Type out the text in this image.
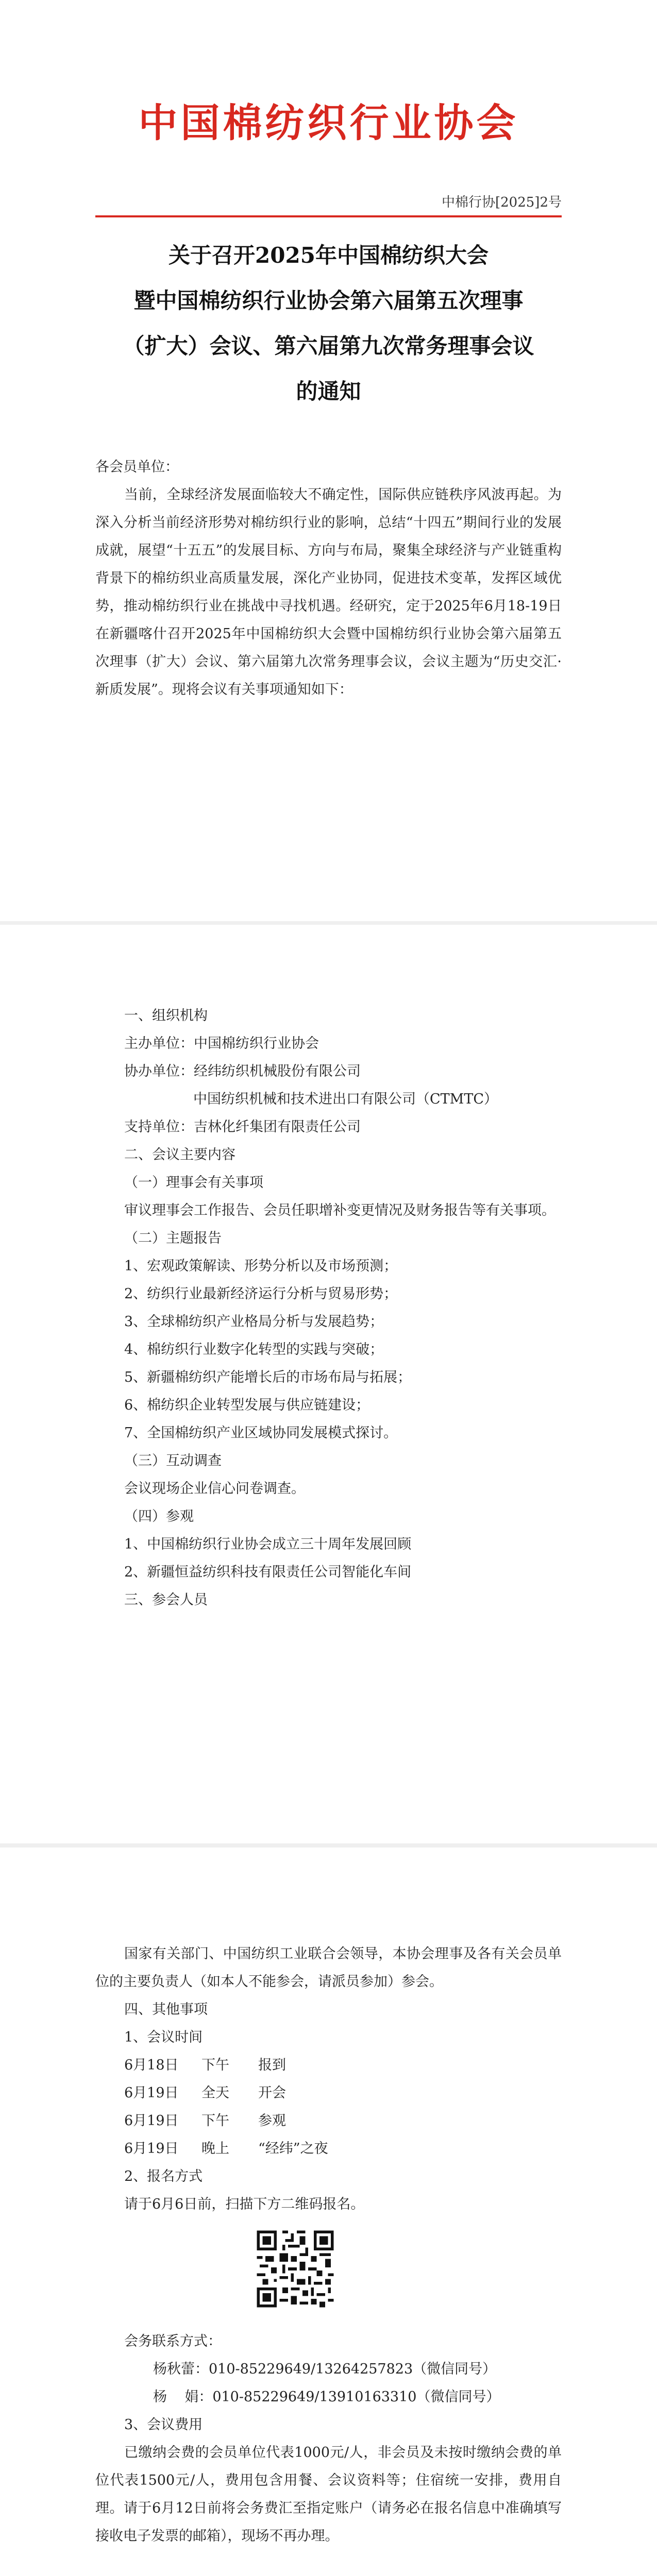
中国棉纺织行业协会
中棉行协[2025]2号
关于召开2025年中国棉纺织大会
暨中国棉纺织行业协会第六届第五次理事
（扩大）会议、第六届第九次常务理事会议
的通知

各会员单位：

当前，全球经济发展面临较大不确定性，国际供应链秩序风波再起。为深入分析当前经济形势对棉纺织行业的影响，总结“十四五”期间行业的发展成就，展望“十五五”的发展目标、方向与布局，聚集全球经济与产业链重构背景下的棉纺织业高质量发展，深化产业协同，促进技术变革，发挥区域优势，推动棉纺织行业在挑战中寻找机遇。经研究，定于2025年6月18-19日在新疆喀什召开2025年中国棉纺织大会暨中国棉纺织行业协会第六届第五次理事（扩大）会议、第六届第九次常务理事会议，会议主题为“历史交汇·新质发展”。现将会议有关事项通知如下：

一、组织机构

主办单位：中国棉纺织行业协会

协办单位：经纬纺织机械股份有限公司

中国纺织机械和技术进出口有限公司（CTMTC）

支持单位：吉林化纤集团有限责任公司

二、会议主要内容

（一）理事会有关事项

审议理事会工作报告、会员任职增补变更情况及财务报告等有关事项。

（二）主题报告

1、宏观政策解读、形势分析以及市场预测；

2、纺织行业最新经济运行分析与贸易形势；

3、全球棉纺织产业格局分析与发展趋势；

4、棉纺织行业数字化转型的实践与突破；

5、新疆棉纺织产能增长后的市场布局与拓展；

6、棉纺织企业转型发展与供应链建设；

7、全国棉纺织产业区域协同发展模式探讨。

（三）互动调查

会议现场企业信心问卷调查。

（四）参观

1、中国棉纺织行业协会成立三十周年发展回顾

2、新疆恒益纺织科技有限责任公司智能化车间

三、参会人员

国家有关部门、中国纺织工业联合会领导，本协会理事及各有关会员单位的主要负责人（如本人不能参会，请派员参加）参会。

四、其他事项

1、会议时间

6月18日 下午 报到
6月19日 全天 开会
6月19日 下午 参观
6月19日 晚上 “经纬”之夜

2、报名方式

请于6月6日前，扫描下方二维码报名。

会务联系方式：

杨秋蕾：010-85229649/13264257823（微信同号）

杨    娟：010-85229649/13910163310（微信同号）

3、会议费用

已缴纳会费的会员单位代表1000元/人，非会员及未按时缴纳会费的单位代表1500元/人，费用包含用餐、会议资料等；住宿统一安排，费用自理。请于6月12日前将会务费汇至指定账户（请务必在报名信息中准确填写接收电子发票的邮箱），现场不再办理。
